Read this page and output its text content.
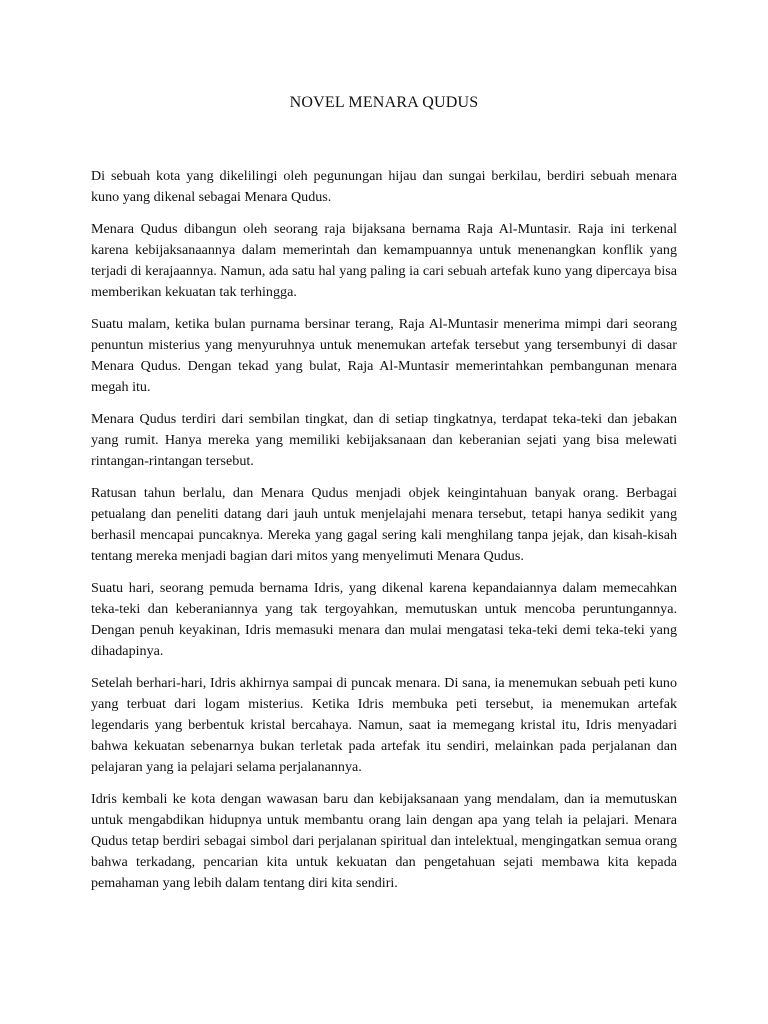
NOVEL MENARA QUDUS

Di sebuah kota yang dikelilingi oleh pegunungan hijau dan sungai berkilau, berdiri sebuah menara kuno yang dikenal sebagai Menara Qudus.

Menara Qudus dibangun oleh seorang raja bijaksana bernama Raja Al-Muntasir. Raja ini terkenal karena kebijaksanaannya dalam memerintah dan kemampuannya untuk menenangkan konflik yang terjadi di kerajaannya. Namun, ada satu hal yang paling ia cari sebuah artefak kuno yang dipercaya bisa memberikan kekuatan tak terhingga.

Suatu malam, ketika bulan purnama bersinar terang, Raja Al-Muntasir menerima mimpi dari seorang penuntun misterius yang menyuruhnya untuk menemukan artefak tersebut yang tersembunyi di dasar Menara Qudus. Dengan tekad yang bulat, Raja Al-Muntasir memerintahkan pembangunan menara megah itu.

Menara Qudus terdiri dari sembilan tingkat, dan di setiap tingkatnya, terdapat teka-teki dan jebakan yang rumit. Hanya mereka yang memiliki kebijaksanaan dan keberanian sejati yang bisa melewati rintangan-rintangan tersebut.

Ratusan tahun berlalu, dan Menara Qudus menjadi objek keingintahuan banyak orang. Berbagai petualang dan peneliti datang dari jauh untuk menjelajahi menara tersebut, tetapi hanya sedikit yang berhasil mencapai puncaknya. Mereka yang gagal sering kali menghilang tanpa jejak, dan kisah-kisah tentang mereka menjadi bagian dari mitos yang menyelimuti Menara Qudus.

Suatu hari, seorang pemuda bernama Idris, yang dikenal karena kepandaiannya dalam memecahkan teka-teki dan keberaniannya yang tak tergoyahkan, memutuskan untuk mencoba peruntungannya. Dengan penuh keyakinan, Idris memasuki menara dan mulai mengatasi teka-teki demi teka-teki yang dihadapinya.

Setelah berhari-hari, Idris akhirnya sampai di puncak menara. Di sana, ia menemukan sebuah peti kuno yang terbuat dari logam misterius. Ketika Idris membuka peti tersebut, ia menemukan artefak legendaris yang berbentuk kristal bercahaya. Namun, saat ia memegang kristal itu, Idris menyadari bahwa kekuatan sebenarnya bukan terletak pada artefak itu sendiri, melainkan pada perjalanan dan pelajaran yang ia pelajari selama perjalanannya.

Idris kembali ke kota dengan wawasan baru dan kebijaksanaan yang mendalam, dan ia memutuskan untuk mengabdikan hidupnya untuk membantu orang lain dengan apa yang telah ia pelajari. Menara Qudus tetap berdiri sebagai simbol dari perjalanan spiritual dan intelektual, mengingatkan semua orang bahwa terkadang, pencarian kita untuk kekuatan dan pengetahuan sejati membawa kita kepada pemahaman yang lebih dalam tentang diri kita sendiri.
